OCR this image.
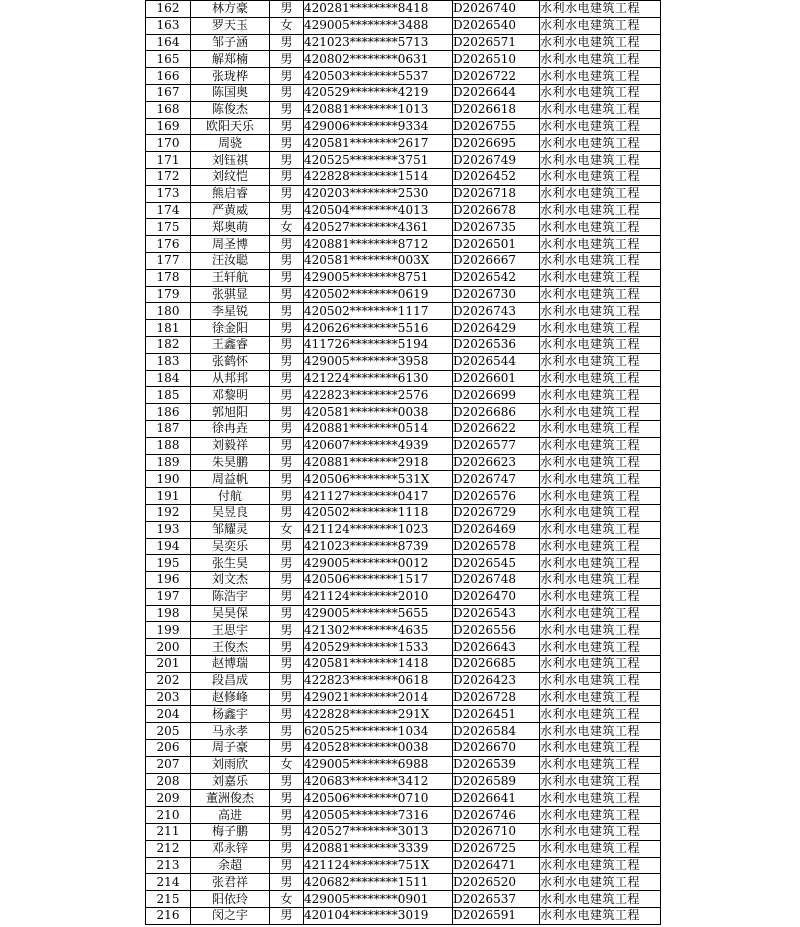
162	林方豪	男	420281********8418	D2026740	水利水电建筑工程
163	罗天玉	女	429005********3488	D2026540	水利水电建筑工程
164	邹子涵	男	421023********5713	D2026571	水利水电建筑工程
165	解郑楠	男	420802********0631	D2026510	水利水电建筑工程
166	张珑桦	男	420503********5537	D2026722	水利水电建筑工程
167	陈国奥	男	420529********4219	D2026644	水利水电建筑工程
168	陈俊杰	男	420881********1013	D2026618	水利水电建筑工程
169	欧阳天乐	男	429006********9334	D2026755	水利水电建筑工程
170	周骁	男	420581********2617	D2026695	水利水电建筑工程
171	刘钰祺	男	420525********3751	D2026749	水利水电建筑工程
172	刘纹恺	男	422828********1514	D2026452	水利水电建筑工程
173	熊启睿	男	420203********2530	D2026718	水利水电建筑工程
174	严黄威	男	420504********4013	D2026678	水利水电建筑工程
175	郑奥萌	女	420527********4361	D2026735	水利水电建筑工程
176	周圣博	男	420881********8712	D2026501	水利水电建筑工程
177	汪汝聪	男	420581********003X	D2026667	水利水电建筑工程
178	王轩航	男	429005********8751	D2026542	水利水电建筑工程
179	张骐显	男	420502********0619	D2026730	水利水电建筑工程
180	李星锐	男	420502********1117	D2026743	水利水电建筑工程
181	徐金阳	男	420626********5516	D2026429	水利水电建筑工程
182	王鑫睿	男	411726********5194	D2026536	水利水电建筑工程
183	张鹤怀	男	429005********3958	D2026544	水利水电建筑工程
184	从邦邦	男	421224********6130	D2026601	水利水电建筑工程
185	邓黎明	男	422823********2576	D2026699	水利水电建筑工程
186	郭旭阳	男	420581********0038	D2026686	水利水电建筑工程
187	徐冉垚	男	420881********0514	D2026622	水利水电建筑工程
188	刘毅祥	男	420607********4939	D2026577	水利水电建筑工程
189	朱昊鹏	男	420881********2918	D2026623	水利水电建筑工程
190	周益帆	男	420506********531X	D2026747	水利水电建筑工程
191	付航	男	421127********0417	D2026576	水利水电建筑工程
192	吴昱良	男	420502********1118	D2026729	水利水电建筑工程
193	邹耀灵	女	421124********1023	D2026469	水利水电建筑工程
194	吴奕乐	男	421023********8739	D2026578	水利水电建筑工程
195	张生昊	男	429005********0012	D2026545	水利水电建筑工程
196	刘文杰	男	420506********1517	D2026748	水利水电建筑工程
197	陈浩宇	男	421124********2010	D2026470	水利水电建筑工程
198	吴昊保	男	429005********5655	D2026543	水利水电建筑工程
199	王思宇	男	421302********4635	D2026556	水利水电建筑工程
200	王俊杰	男	420529********1533	D2026643	水利水电建筑工程
201	赵博瑞	男	420581********1418	D2026685	水利水电建筑工程
202	段昌成	男	422823********0618	D2026423	水利水电建筑工程
203	赵修峰	男	429021********2014	D2026728	水利水电建筑工程
204	杨鑫宇	男	422828********291X	D2026451	水利水电建筑工程
205	马永孝	男	620525********1034	D2026584	水利水电建筑工程
206	周子豪	男	420528********0038	D2026670	水利水电建筑工程
207	刘雨欣	女	429005********6988	D2026539	水利水电建筑工程
208	刘嘉乐	男	420683********3412	D2026589	水利水电建筑工程
209	董洲俊杰	男	420506********0710	D2026641	水利水电建筑工程
210	高进	男	420505********7316	D2026746	水利水电建筑工程
211	梅子鹏	男	420527********3013	D2026710	水利水电建筑工程
212	邓永锌	男	420881********3339	D2026725	水利水电建筑工程
213	余超	男	421124********751X	D2026471	水利水电建筑工程
214	张君祥	男	420682********1511	D2026520	水利水电建筑工程
215	阳依玲	女	429005********0901	D2026537	水利水电建筑工程
216	闵之宇	男	420104********3019	D2026591	水利水电建筑工程
